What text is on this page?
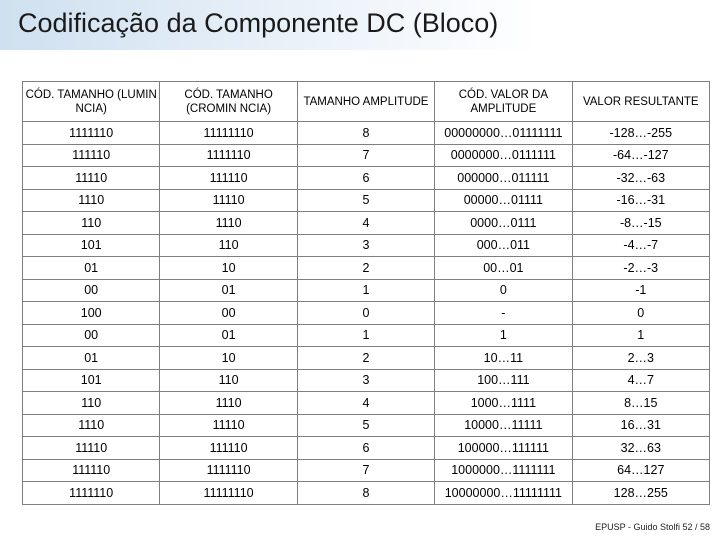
Codificação da Componente DC (Bloco)
CÓD. TAMANHO (LUMIN NCIA)	CÓD. TAMANHO (CROMIN NCIA)	TAMANHO AMPLITUDE	CÓD. VALOR DA AMPLITUDE	VALOR RESULTANTE
1111110	11111110	8	00000000…01111111	-128…-255
111110	1111110	7	0000000…0111111	-64…-127
11110	111110	6	000000…011111	-32…-63
1110	11110	5	00000…01111	-16…-31
110	1110	4	0000…0111	-8…-15
101	110	3	000…011	-4…-7
01	10	2	00…01	-2…-3
00	01	1	0	-1
100	00	0	-	0
00	01	1	1	1
01	10	2	10…11	2…3
101	110	3	100…111	4…7
110	1110	4	1000…1111	8…15
1110	11110	5	10000…11111	16…31
11110	111110	6	100000…111111	32…63
111110	1111110	7	1000000…1111111	64…127
1111110	11111110	8	10000000…11111111	128…255
EPUSP - Guido Stolfi 52 / 58
